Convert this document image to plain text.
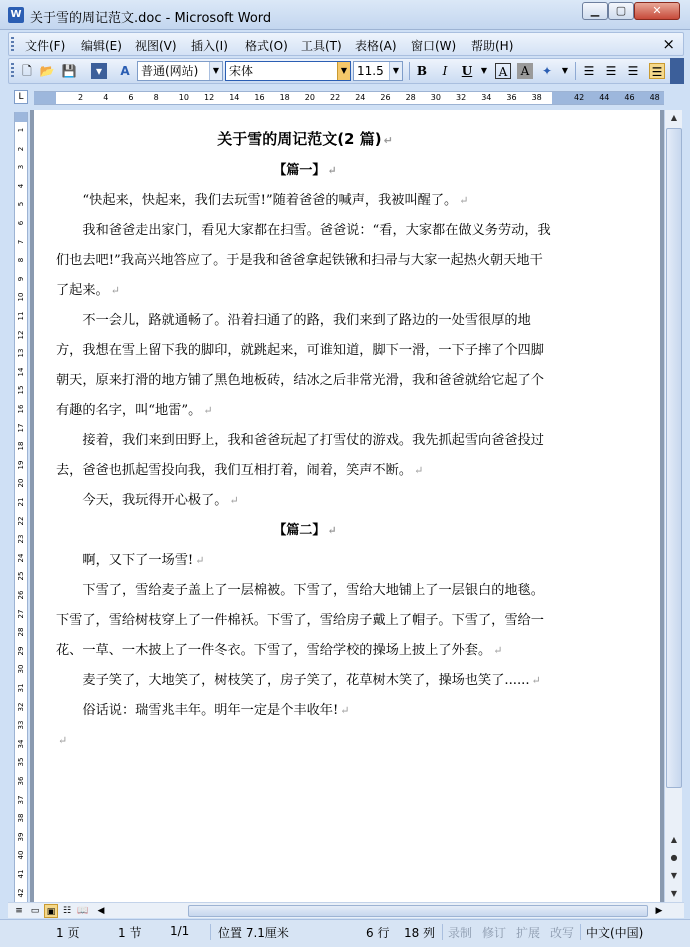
W 关于雪的周记范文.doc - Microsoft Word
▁	▢	✕
文件(F) 编辑(E) 视图(V) 插入(I) 格式(O) 工具(T) 表格(A) 窗口(W) 帮助(H)	×
🗋 📂 💾	▾	A 普通(网站)	▼ 宋体	▼ 11.5	▼ B	I	U	▼ A	A	✦	▼	☰ ☰ ☰ ☰
L	2	4	6	8	10 12 14 16 18 20 22 24 26 28 30 32 34 36 38	42 44 46 48
1
2
3
4
5
6
7
8
9
10
11
12
13
14
15
16
17
18
19
20
21
22
23
24
25
26
27
28
29
30
31
32
33
34
35
36
37
38
39
40
41
42
关于雪的周记范文(2 篇) ↵
【篇一】 ↵

“快起来，快起来，我们去玩雪!”随着爸爸的喊声，我被叫醒了。 ↵

我和爸爸走出家门，看见大家都在扫雪。爸爸说：“看，大家都在做义务劳动，我们也去吧!”我高兴地答应了。于是我和爸爸拿起铁锹和扫帚与大家一起热火朝天地干了起来。 ↵

不一会儿，路就通畅了。沿着扫通了的路，我们来到了路边的一处雪很厚的地方，我想在雪上留下我的脚印，就跳起来，可谁知道，脚下一滑，一下子摔了个四脚朝天，原来打滑的地方铺了黑色地板砖，结冰之后非常光滑，我和爸爸就给它起了个有趣的名字，叫“地雷”。 ↵

接着，我们来到田野上，我和爸爸玩起了打雪仗的游戏。我先抓起雪向爸爸投过去，爸爸也抓起雪投向我，我们互相打着，闹着，笑声不断。 ↵

今天，我玩得开心极了。 ↵

【篇二】 ↵

啊，又下了一场雪! ↵

下雪了，雪给麦子盖上了一层棉被。下雪了，雪给大地铺上了一层银白的地毯。下雪了，雪给树枝穿上了一件棉袄。下雪了，雪给房子戴上了帽子。下雪了，雪给一花、一草、一木披上了一件冬衣。下雪了，雪给学校的操场上披上了外套。 ↵

麦子笑了，大地笑了，树枝笑了，房子笑了，花草树木笑了，操场也笑了...... ↵

俗话说：瑞雪兆丰年。明年一定是个丰收年! ↵

↵

▲
▲
●
▼
▼
≡ ▭ ▣ ☷ 📖 ◀	▶
1 页	1 节 1/1 位置 7.1厘米	6 行 18 列 录制 修订 扩展 改写 中文(中国)
